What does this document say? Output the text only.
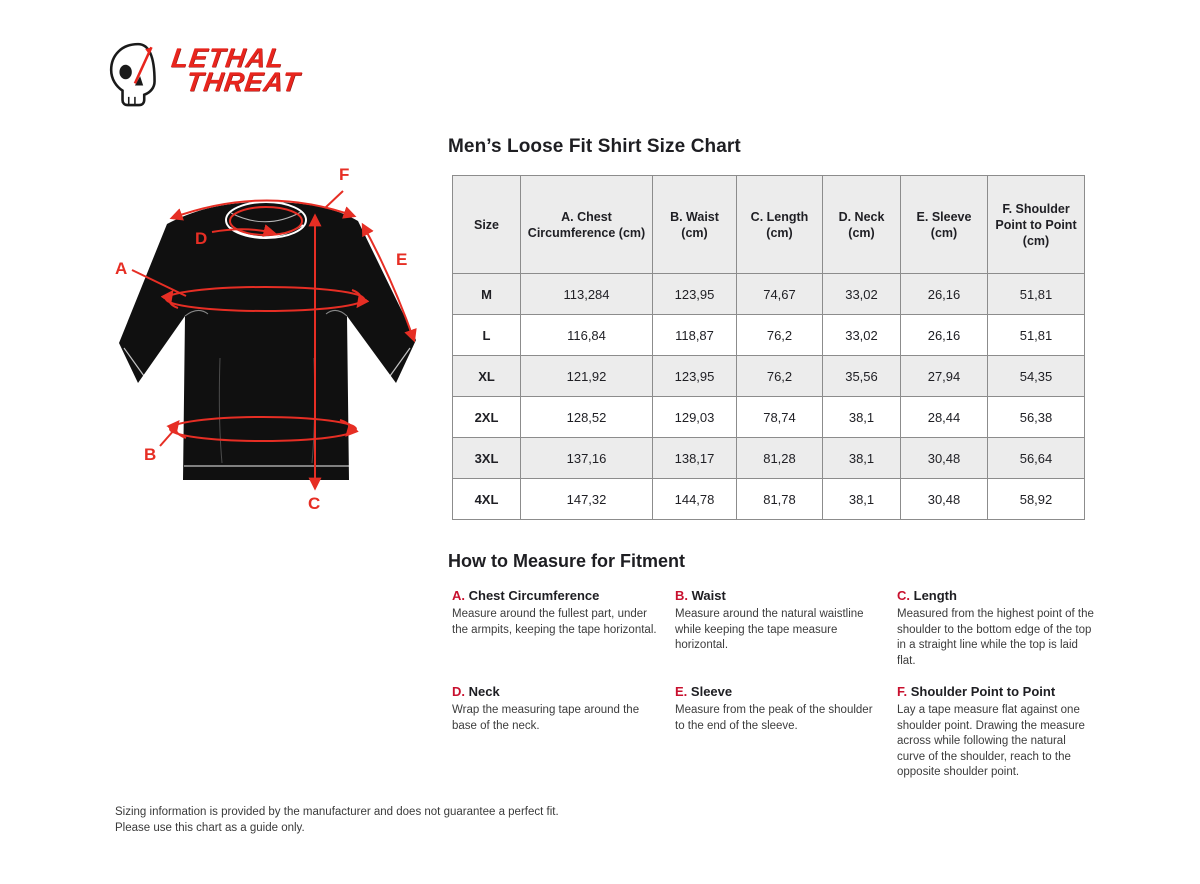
LETHAL
THREAT
F
D
A	E
B
C
Men’s Loose Fit Shirt Size Chart
Size	A. Chest Circumference (cm)	B. Waist (cm)	C. Length (cm)	D. Neck (cm)	E. Sleeve (cm)	F. Shoulder Point to Point (cm)
M	113,284	123,95	74,67	33,02	26,16	51,81
L	116,84	118,87	76,2	33,02	26,16	51,81
XL	121,92	123,95	76,2	35,56	27,94	54,35
2XL	128,52	129,03	78,74	38,1	28,44	56,38
3XL	137,16	138,17	81,28	38,1	30,48	56,64
4XL	147,32	144,78	81,78	38,1	30,48	58,92
How to Measure for Fitment
A. Chest Circumference
Measure around the fullest part, under the armpits, keeping the tape horizontal.
B. Waist
Measure around the natural waistline while keeping the tape measure horizontal.
C. Length
Measured from the highest point of the shoulder to the bottom edge of the top in a straight line while the top is laid flat.
D. Neck
Wrap the measuring tape around the base of the neck.
E. Sleeve
Measure from the peak of the shoulder to the end of the sleeve.
F. Shoulder Point to Point
Lay a tape measure flat against one shoulder point. Drawing the measure across while following the natural curve of the shoulder, reach to the opposite shoulder point.
Sizing information is provided by the manufacturer and does not guarantee a perfect fit.
Please use this chart as a guide only.
